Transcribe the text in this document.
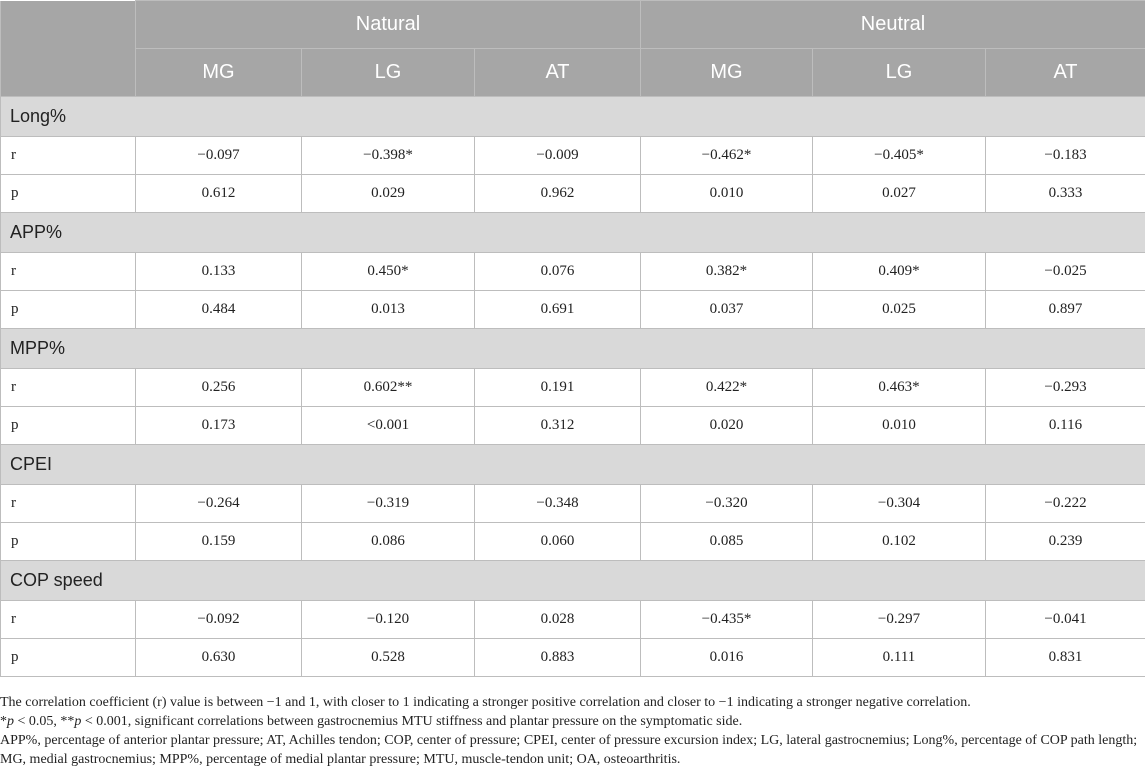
	Natural			Neutral		
	MG	LG	AT	MG	LG	AT
Long%						
r	−0.097	−0.398*	−0.009	−0.462*	−0.405*	−0.183
p	0.612	0.029	0.962	0.010	0.027	0.333
APP%						
r	0.133	0.450*	0.076	0.382*	0.409*	−0.025
p	0.484	0.013	0.691	0.037	0.025	0.897
MPP%						
r	0.256	0.602**	0.191	0.422*	0.463*	−0.293
p	0.173	<0.001	0.312	0.020	0.010	0.116
CPEI						
r	−0.264	−0.319	−0.348	−0.320	−0.304	−0.222
p	0.159	0.086	0.060	0.085	0.102	0.239
COP speed						
r	−0.092	−0.120	0.028	−0.435*	−0.297	−0.041
p	0.630	0.528	0.883	0.016	0.111	0.831

The correlation coefficient (r) value is between −1 and 1, with closer to 1 indicating a stronger positive correlation and closer to −1 indicating a stronger negative correlation.

*p < 0.05, **p < 0.001, significant correlations between gastrocnemius MTU stiffness and plantar pressure on the symptomatic side.

APP%, percentage of anterior plantar pressure; AT, Achilles tendon; COP, center of pressure; CPEI, center of pressure excursion index; LG, lateral gastrocnemius; Long%, percentage of COP path length; MG, medial gastrocnemius; MPP%, percentage of medial plantar pressure; MTU, muscle-tendon unit; OA, osteoarthritis.
